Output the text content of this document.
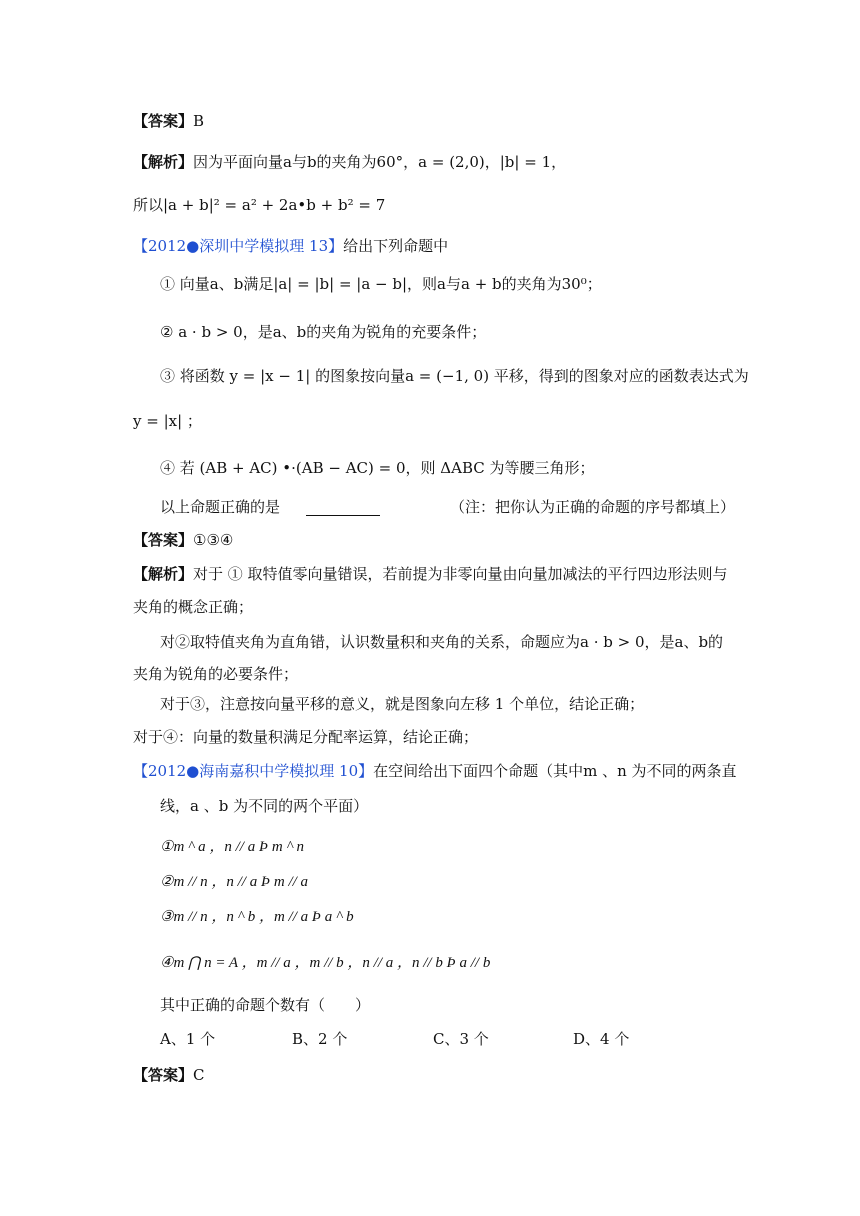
【答案】B
【解析】因为平面向量a与b的夹角为60°，a = (2,0)，|b| = 1，
所以|a + b|² = a² + 2a•b + b² = 7
【2012●深圳中学模拟理 13】给出下列命题中
① 向量a、b满足|a| = |b| = |a − b|，则a与a + b的夹角为30⁰；
② a · b > 0，是a、b的夹角为锐角的充要条件；
③ 将函数 y = |x − 1| 的图象按向量a = (−1, 0) 平移，得到的图象对应的函数表达式为
y = |x| ；
④ 若 (AB + AC) •·(AB − AC) = 0，则 ΔABC 为等腰三角形；
以上命题正确的是	（注：把你认为正确的命题的序号都填上）
【答案】①③④
【解析】对于 ① 取特值零向量错误，若前提为非零向量由向量加减法的平行四边形法则与
夹角的概念正确；
对②取特值夹角为直角错，认识数量积和夹角的关系，命题应为a · b > 0，是a、b的
夹角为锐角的必要条件；
对于③，注意按向量平移的意义，就是图象向左移 1 个单位，结论正确；
对于④：向量的数量积满足分配率运算，结论正确；
【2012●海南嘉积中学模拟理 10】在空间给出下面四个命题（其中m 、n 为不同的两条直
线，a 、b 为不同的两个平面）
①m ^ a ，n // a Þ m ^ n
②m // n ，n // a Þ m // a
③m // n ，n ^ b ，m // a Þ a ^ b
④m ⋂ n = A ，m // a ，m // b ，n // a ，n // b Þ a // b
其中正确的命题个数有（　　）
A、1 个	B、2 个	C、3 个	D、4 个
【答案】C
